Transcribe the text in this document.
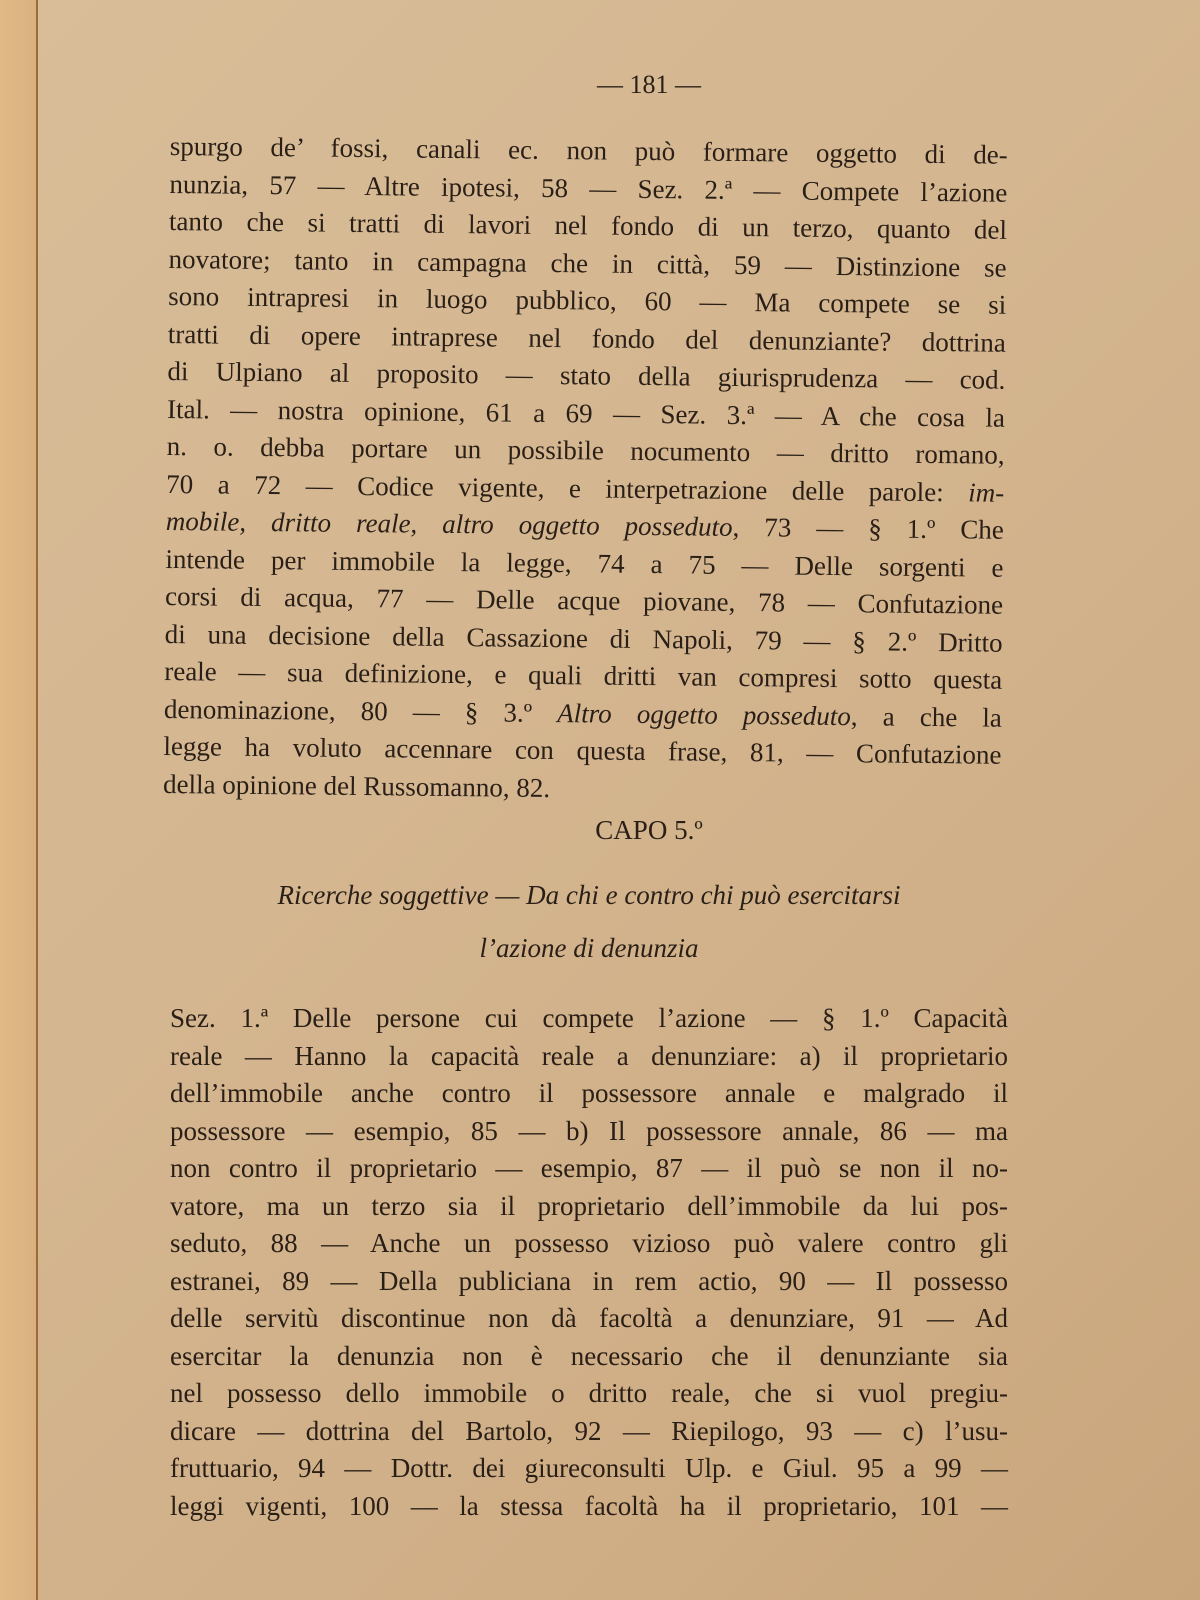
— 181 —
spurgo de’ fossi, canali ec. non può formare oggetto di de-
nunzia, 57 — Altre ipotesi, 58 — Sez. 2.ª — Compete l’azione
tanto che si tratti di lavori nel fondo di un terzo, quanto del
novatore; tanto in campagna che in città, 59 — Distinzione se
sono intrapresi in luogo pubblico, 60 — Ma compete se si
tratti di opere intraprese nel fondo del denunziante? dottrina
di Ulpiano al proposito — stato della giurisprudenza — cod.
Ital. — nostra opinione, 61 a 69 — Sez. 3.ª — A che cosa la
n. o. debba portare un possibile nocumento — dritto romano,
70 a 72 — Codice vigente, e interpetrazione delle parole: im-
mobile, dritto reale, altro oggetto posseduto, 73 — § 1.º Che
intende per immobile la legge, 74 a 75 — Delle sorgenti e
corsi di acqua, 77 — Delle acque piovane, 78 — Confutazione
di una decisione della Cassazione di Napoli, 79 — § 2.º Dritto
reale — sua definizione, e quali dritti van compresi sotto questa
denominazione, 80 — § 3.º Altro oggetto posseduto, a che la
legge ha voluto accennare con questa frase, 81, — Confutazione
della opinione del Russomanno, 82.
CAPO 5.º
Ricerche soggettive — Da chi e contro chi può esercitarsi
l’azione di denunzia
Sez. 1.ª Delle persone cui compete l’azione — § 1.º Capacità
reale — Hanno la capacità reale a denunziare: a) il proprietario
dell’immobile anche contro il possessore annale e malgrado il
possessore — esempio, 85 — b) Il possessore annale, 86 — ma
non contro il proprietario — esempio, 87 — il può se non il no-
vatore, ma un terzo sia il proprietario dell’immobile da lui pos-
seduto, 88 — Anche un possesso vizioso può valere contro gli
estranei, 89 — Della publiciana in rem actio, 90 — Il possesso
delle servitù discontinue non dà facoltà a denunziare, 91 — Ad
esercitar la denunzia non è necessario che il denunziante sia
nel possesso dello immobile o dritto reale, che si vuol pregiu-
dicare — dottrina del Bartolo, 92 — Riepilogo, 93 — c) l’usu-
fruttuario, 94 — Dottr. dei giureconsulti Ulp. e Giul. 95 a 99 —
leggi vigenti, 100 — la stessa facoltà ha il proprietario, 101 —
